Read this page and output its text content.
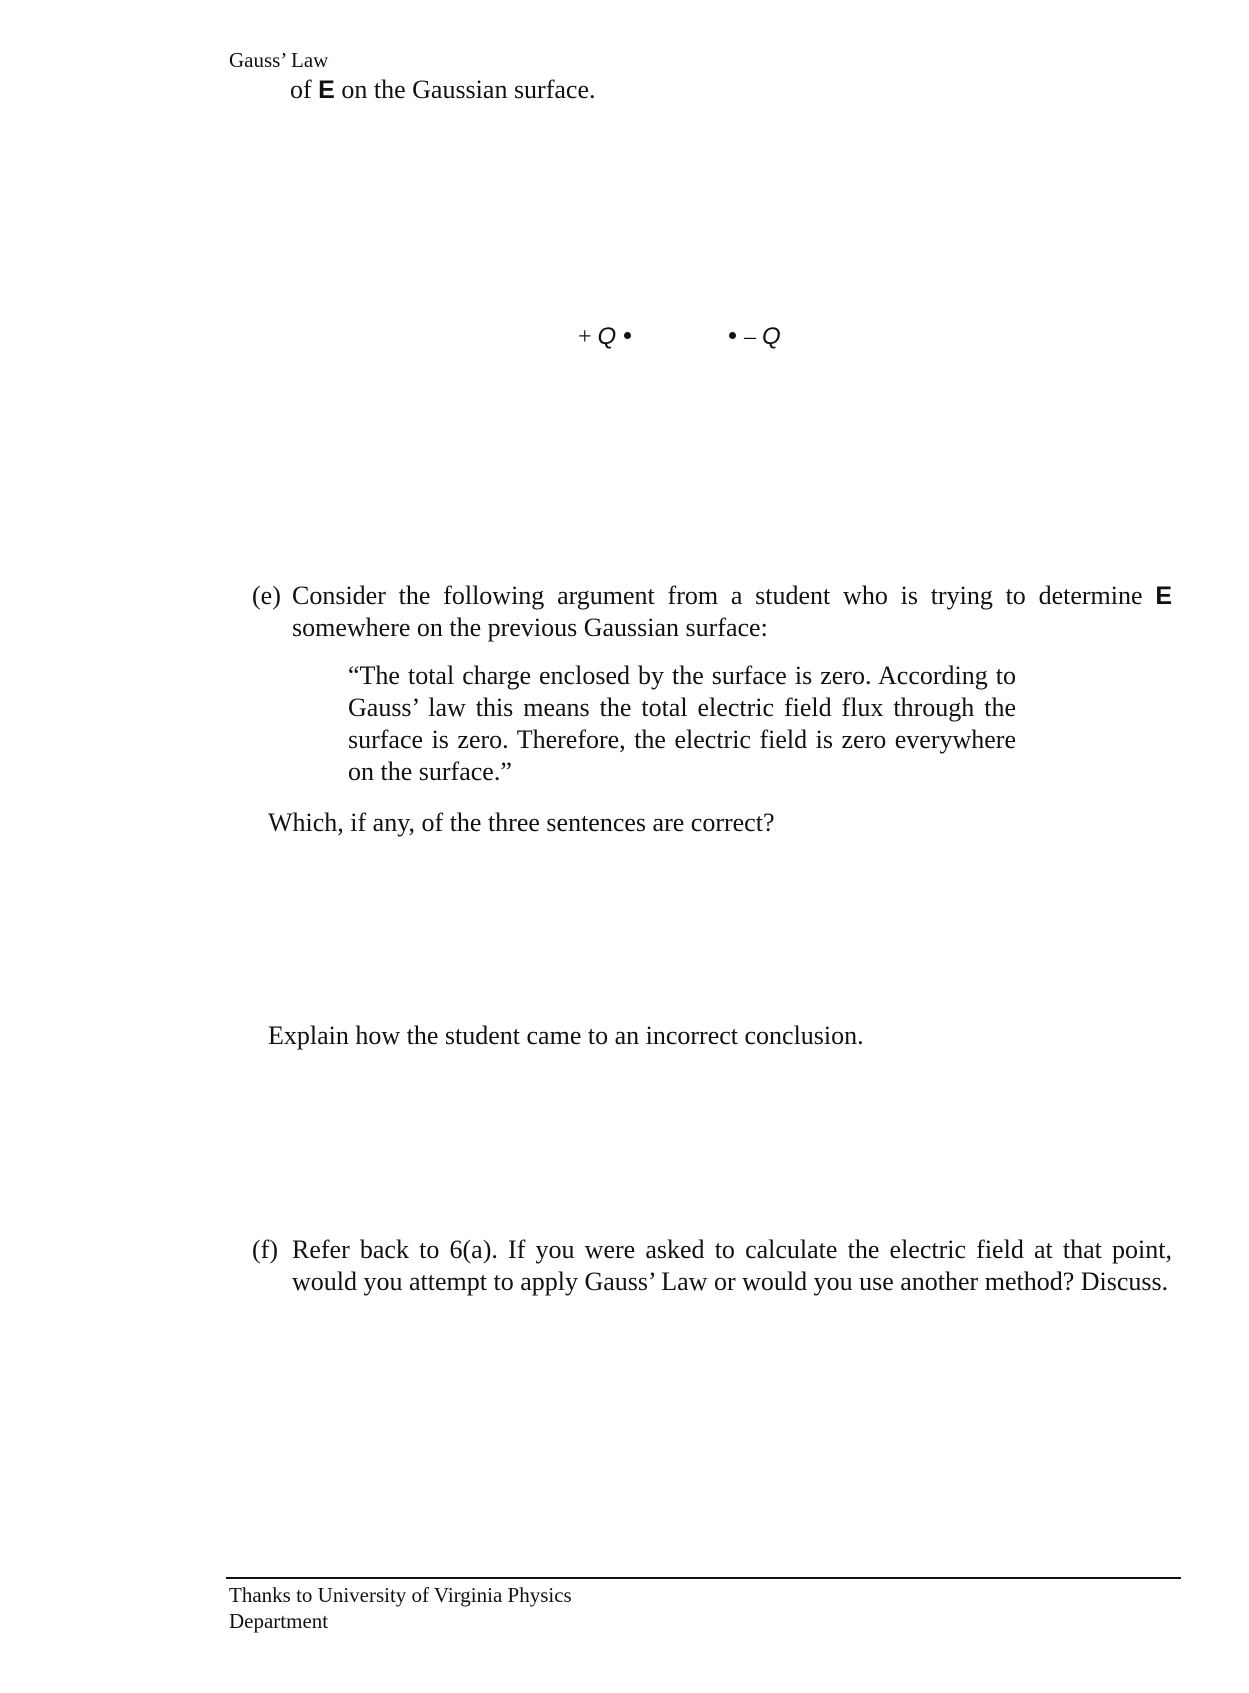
Gauss’ Law
of E on the Gaussian surface.
+ Q	– Q
(e) Consider the following argument from a student who is trying to determine E
somewhere on the previous Gaussian surface:
“The total charge enclosed by the surface is zero. According to Gauss’ law this means the total electric field flux through the surface is zero. Therefore, the electric field is zero everywhere on the surface.”
Which, if any, of the three sentences are correct?
Explain how the student came to an incorrect conclusion.
(f) Refer back to 6(a). If you were asked to calculate the electric field at that point, would you attempt to apply Gauss’ Law or would you use another method? Discuss.
Thanks to University of Virginia Physics Department
